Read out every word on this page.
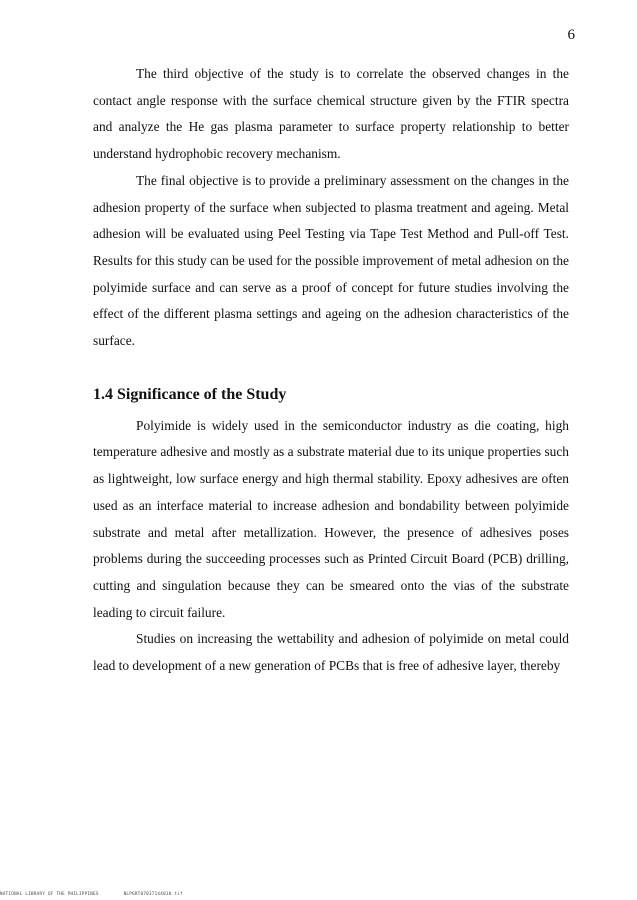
6

The third objective of the study is to correlate the observed changes in the contact angle response with the surface chemical structure given by the FTIR spectra and analyze the He gas plasma parameter to surface property relationship to better understand hydrophobic recovery mechanism.

The final objective is to provide a preliminary assessment on the changes in the adhesion property of the surface when subjected to plasma treatment and ageing. Metal adhesion will be evaluated using Peel Testing via Tape Test Method and Pull-off Test. Results for this study can be used for the possible improvement of metal adhesion on the polyimide surface and can serve as a proof of concept for future studies involving the effect of the different plasma settings and ageing on the adhesion characteristics of the surface.

1.4 Significance of the Study

Polyimide is widely used in the semiconductor industry as die coating, high temperature adhesive and mostly as a substrate material due to its unique properties such as lightweight, low surface energy and high thermal stability. Epoxy adhesives are often used as an interface material to increase adhesion and bondability between polyimide substrate and metal after metallization. However, the presence of adhesives poses problems during the succeeding processes such as Printed Circuit Board (PCB) drilling, cutting and singulation because they can be smeared onto the vias of the substrate leading to circuit failure.

Studies on increasing the wettability and adhesion of polyimide on metal could lead to development of a new generation of PCBs that is free of adhesive layer, thereby

NATIONAL LIBRARY OF THE PHILIPPINES	NLPGRT07037144010.tif
